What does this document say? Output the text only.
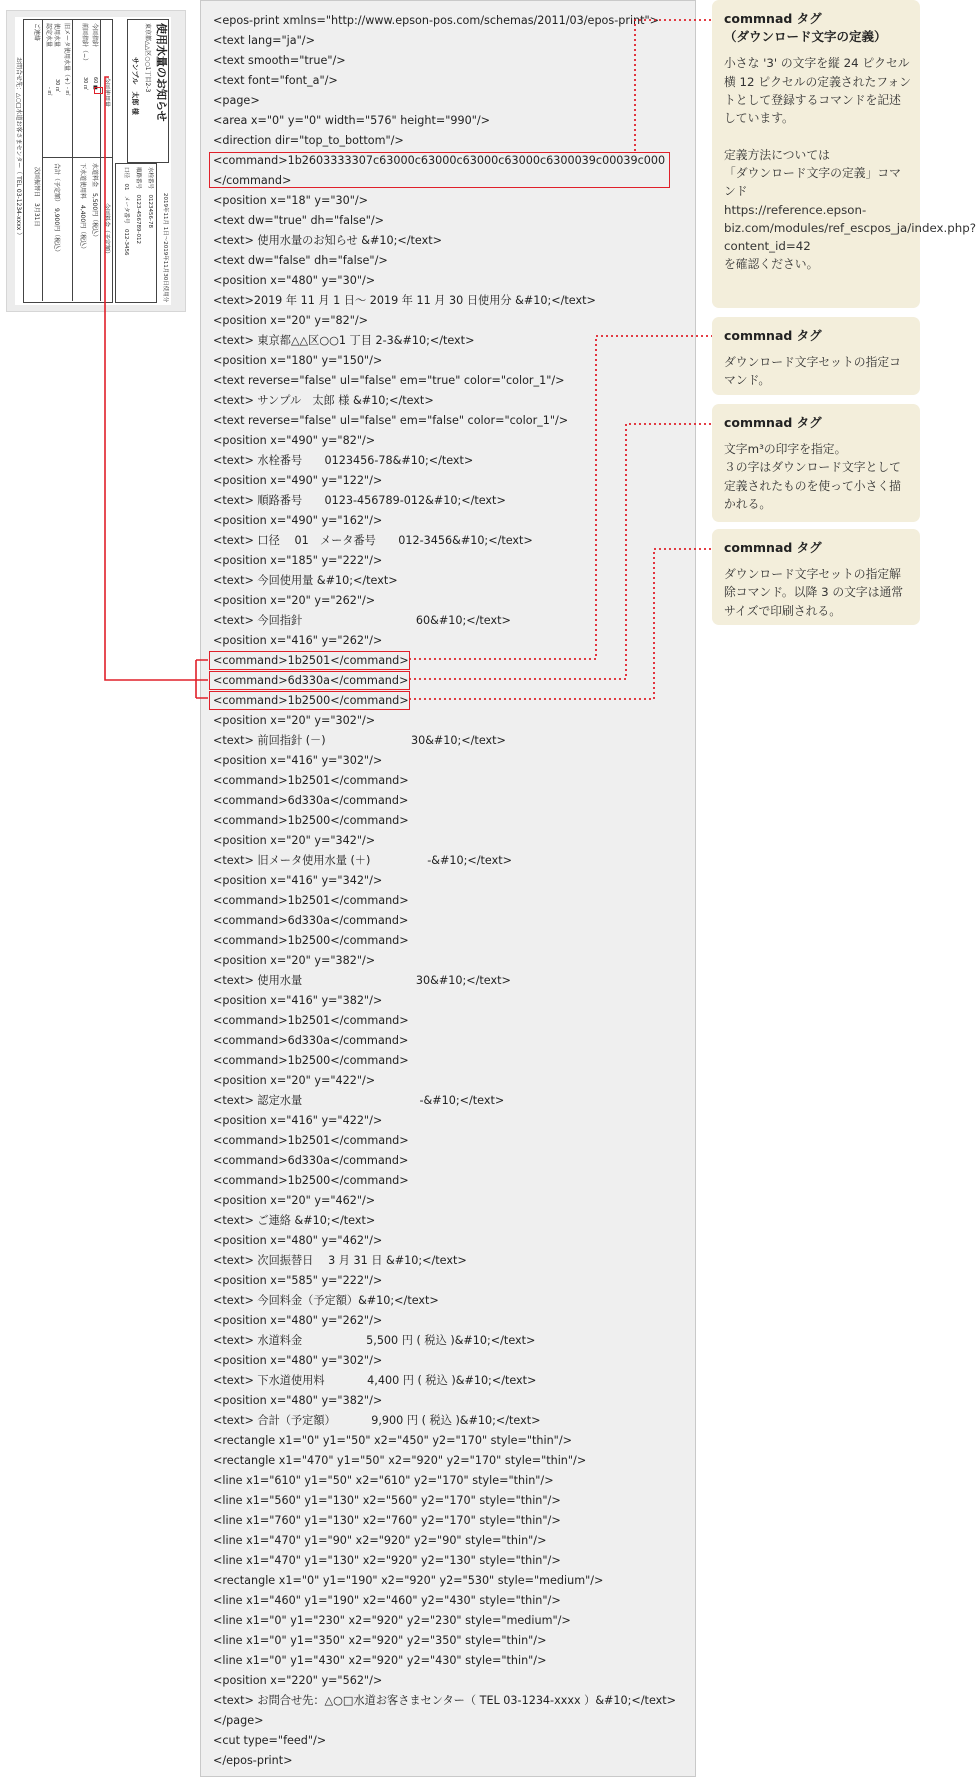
使用水量のお知らせ
東京都△△区○○1丁目2-3
サンプル　太郎 様
2019年11月 1日〜2019年11月30日使用分
水栓番号　0123456-78
順路番号　0123-456789-012
口径　01　メータ番号　012-3456
今回使用量
今回指針
60 ■
前回指針（−）
30 ㎥
旧メータ使用水量（+）
- ㎥
使用水量
30 ㎥
認定水量
- ㎥
ご連絡
今回料金（予定額）
水道料金　5,500円（税込）
下水道使用料　4,400円（税込）
合計（予定額）　9,900円（税込）
次回振替日　3月31日
お問合せ先：△○□水道お客さまセンター（ TEL 03-1234-xxxx ）
<epos-print xmlns="http://www.epson-pos.com/schemas/2011/03/epos-print">
<text lang="ja"/>
<text smooth="true"/>
<text font="font_a"/>
<page>
<area x="0" y="0" width="576" height="990"/>
<direction dir="top_to_bottom"/>
<command>1b2603333307c63000c63000c63000c63000c6300039c00039c000
</command>
<position x="18" y="30"/>
<text dw="true" dh="false"/>
<text> 使用水量のお知らせ &#10;</text>
<text dw="false" dh="false"/>
<position x="480" y="30"/>
<text>2019 年 11 月 1 日〜 2019 年 11 月 30 日使用分 &#10;</text>
<position x="20" y="82"/>
<text> 東京都△△区○○1 丁目 2-3&#10;</text>
<position x="180" y="150"/>
<text reverse="false" ul="false" em="true" color="color_1"/>
<text> サンプル　太郎 様 &#10;</text>
<text reverse="false" ul="false" em="false" color="color_1"/>
<position x="490" y="82"/>
<text> 水栓番号　　0123456-78&#10;</text>
<position x="490" y="122"/>
<text> 順路番号　　0123-456789-012&#10;</text>
<position x="490" y="162"/>
<text> 口径　 01　メータ番号　　012-3456&#10;</text>
<position x="185" y="222"/>
<text> 今回使用量 &#10;</text>
<position x="20" y="262"/>
<text> 今回指針                                60&#10;</text>
<position x="416" y="262"/>
<command>1b2501</command>
<command>6d330a</command>
<command>1b2500</command>
<position x="20" y="302"/>
<text> 前回指針 (－)                        30&#10;</text>
<position x="416" y="302"/>
<command>1b2501</command>
<command>6d330a</command>
<command>1b2500</command>
<position x="20" y="342"/>
<text> 旧メータ使用水量 (＋)                -&#10;</text>
<position x="416" y="342"/>
<command>1b2501</command>
<command>6d330a</command>
<command>1b2500</command>
<position x="20" y="382"/>
<text> 使用水量                                30&#10;</text>
<position x="416" y="382"/>
<command>1b2501</command>
<command>6d330a</command>
<command>1b2500</command>
<position x="20" y="422"/>
<text> 認定水量                                 -&#10;</text>
<position x="416" y="422"/>
<command>1b2501</command>
<command>6d330a</command>
<command>1b2500</command>
<position x="20" y="462"/>
<text> ご連絡 &#10;</text>
<position x="480" y="462"/>
<text> 次回振替日　 3 月 31 日 &#10;</text>
<position x="585" y="222"/>
<text> 今回料金（予定額）&#10;</text>
<position x="480" y="262"/>
<text> 水道料金                  5,500 円 ( 税込 )&#10;</text>
<position x="480" y="302"/>
<text> 下水道使用料            4,400 円 ( 税込 )&#10;</text>
<position x="480" y="382"/>
<text> 合計（予定額）          9,900 円 ( 税込 )&#10;</text>
<rectangle x1="0" y1="50" x2="450" y2="170" style="thin"/>
<rectangle x1="470" y1="50" x2="920" y2="170" style="thin"/>
<line x1="610" y1="50" x2="610" y2="170" style="thin"/>
<line x1="560" y1="130" x2="560" y2="170" style="thin"/>
<line x1="760" y1="130" x2="760" y2="170" style="thin"/>
<line x1="470" y1="90" x2="920" y2="90" style="thin"/>
<line x1="470" y1="130" x2="920" y2="130" style="thin"/>
<rectangle x1="0" y1="190" x2="920" y2="530" style="medium"/>
<line x1="460" y1="190" x2="460" y2="430" style="thin"/>
<line x1="0" y1="230" x2="920" y2="230" style="medium"/>
<line x1="0" y1="350" x2="920" y2="350" style="thin"/>
<line x1="0" y1="430" x2="920" y2="430" style="thin"/>
<position x="220" y="562"/>
<text> お問合せ先：△○□水道お客さまセンター（ TEL 03-1234-xxxx ）&#10;</text>
</page>
<cut type="feed"/>
</epos-print>
commnad タグ
（ダウンロード文字の定義）
小さな '3' の文字を縦 24 ピクセル横 12 ピクセルの定義されたフォントとして登録するコマンドを記述しています。

定義方法については
「ダウンロード文字の定義」コマンド
https://reference.epson-biz.com/modules/ref_escpos_ja/index.php?content_id=42
を確認ください。
commnad タグ
ダウンロード文字セットの指定コマンド。
commnad タグ
文字m³の印字を指定。
３の字はダウンロード文字として定義されたものを使って小さく描かれる。
commnad タグ
ダウンロード文字セットの指定解除コマンド。以降 3 の文字は通常サイズで印刷される。
